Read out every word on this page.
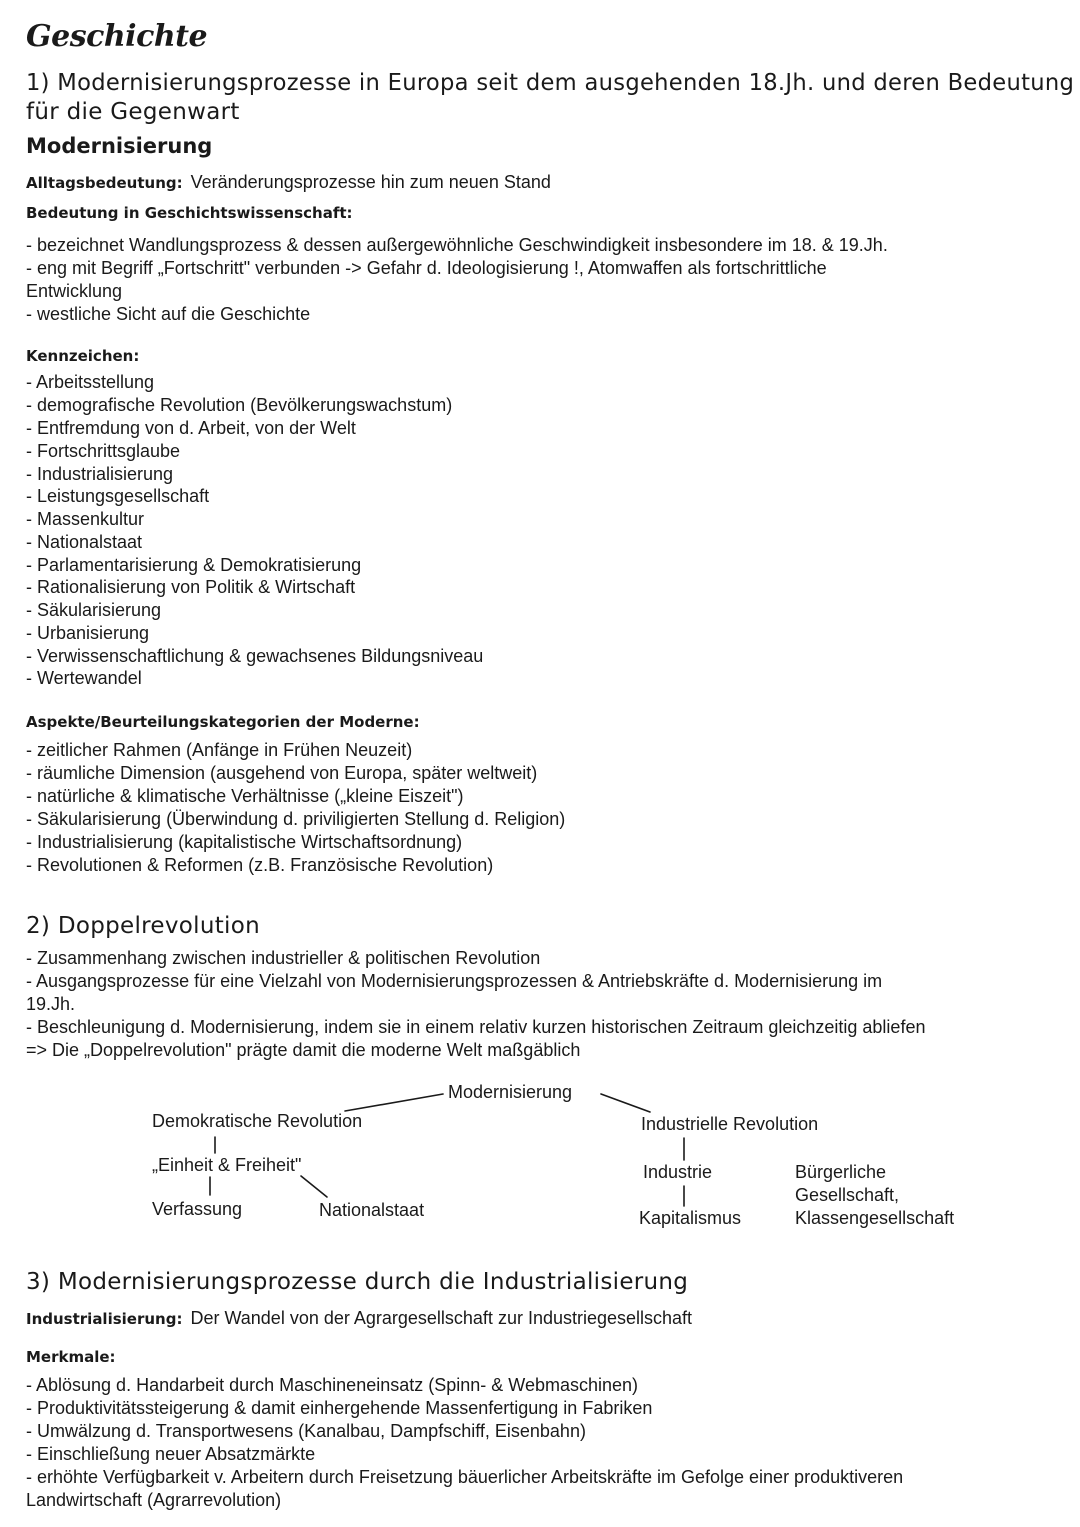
Geschichte
1) Modernisierungsprozesse in Europa seit dem ausgehenden 18.Jh. und deren Bedeutung
für die Gegenwart
Modernisierung
Alltagsbedeutung: Veränderungsprozesse hin zum neuen Stand
Bedeutung in Geschichtswissenschaft:
- bezeichnet Wandlungsprozess & dessen außergewöhnliche Geschwindigkeit insbesondere im 18. & 19.Jh.
- eng mit Begriff „Fortschritt" verbunden -> Gefahr d. Ideologisierung !, Atomwaffen als fortschrittliche
Entwicklung
- westliche Sicht auf die Geschichte
Kennzeichen:
- Arbeitsstellung
- demografische Revolution (Bevölkerungswachstum)
- Entfremdung von d. Arbeit, von der Welt
- Fortschrittsglaube
- Industrialisierung
- Leistungsgesellschaft
- Massenkultur
- Nationalstaat
- Parlamentarisierung & Demokratisierung
- Rationalisierung von Politik & Wirtschaft
- Säkularisierung
- Urbanisierung
- Verwissenschaftlichung & gewachsenes Bildungsniveau
- Wertewandel
Aspekte/Beurteilungskategorien der Moderne:
- zeitlicher Rahmen (Anfänge in Frühen Neuzeit)
- räumliche Dimension (ausgehend von Europa, später weltweit)
- natürliche & klimatische Verhältnisse („kleine Eiszeit")
- Säkularisierung (Überwindung d. priviligierten Stellung d. Religion)
- Industrialisierung (kapitalistische Wirtschaftsordnung)
- Revolutionen & Reformen (z.B. Französische Revolution)
2) Doppelrevolution
- Zusammenhang zwischen industrieller & politischen Revolution
- Ausgangsprozesse für eine Vielzahl von Modernisierungsprozessen & Antriebskräfte d. Modernisierung im
19.Jh.
- Beschleunigung d. Modernisierung, indem sie in einem relativ kurzen historischen Zeitraum gleichzeitig abliefen
=> Die „Doppelrevolution" prägte damit die moderne Welt maßgäblich
Modernisierung
Demokratische Revolution
„Einheit & Freiheit"
Verfassung	Nationalstaat
Industrielle Revolution
Industrie
Kapitalismus
Bürgerliche
Gesellschaft,
Klassengesellschaft
3) Modernisierungsprozesse durch die Industrialisierung
Industrialisierung: Der Wandel von der Agrargesellschaft zur Industriegesellschaft
Merkmale:
- Ablösung d. Handarbeit durch Maschineneinsatz (Spinn- & Webmaschinen)
- Produktivitätssteigerung & damit einhergehende Massenfertigung in Fabriken
- Umwälzung d. Transportwesens (Kanalbau, Dampfschiff, Eisenbahn)
- Einschließung neuer Absatzmärkte
- erhöhte Verfügbarkeit v. Arbeitern durch Freisetzung bäuerlicher Arbeitskräfte im Gefolge einer produktiveren
Landwirtschaft (Agrarrevolution)
